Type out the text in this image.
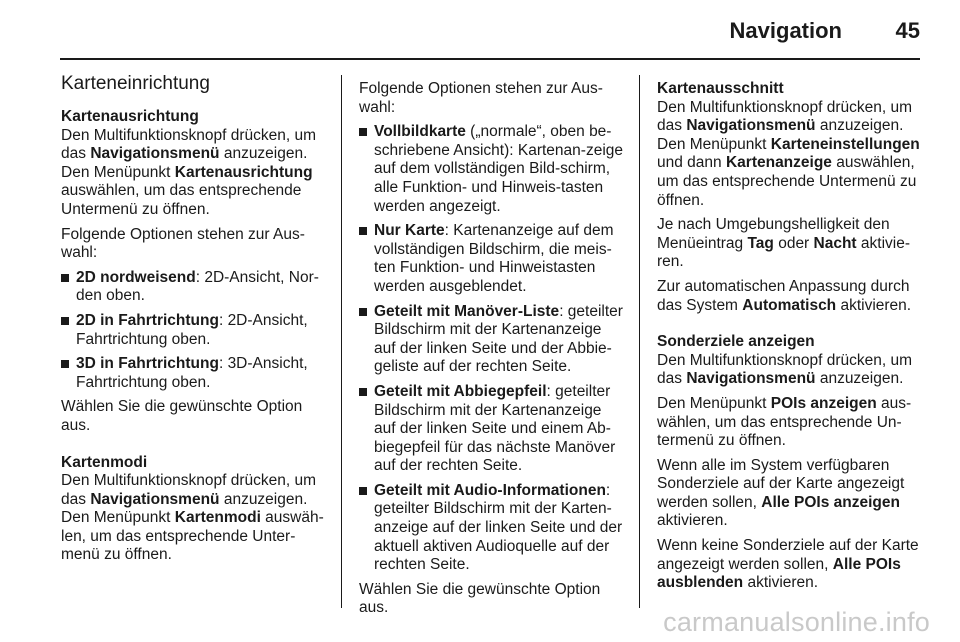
Navigation 45
Karteneinrichtung
Kartenausrichtung

Den Multifunktionsknopf drücken, um das Navigationsmenü anzuzeigen. Den Menüpunkt Kartenausrichtung auswählen, um das entsprechende Untermenü zu öffnen.

Folgende Optionen stehen zur Aus-wahl:

2D nordweisend: 2D-Ansicht, Nor-den oben.
2D in Fahrtrichtung: 2D-Ansicht, Fahrtrichtung oben.
3D in Fahrtrichtung: 3D-Ansicht, Fahrtrichtung oben.

Wählen Sie die gewünschte Option aus.

Kartenmodi

Den Multifunktionsknopf drücken, um das Navigationsmenü anzuzeigen. Den Menüpunkt Kartenmodi auswäh-len, um das entsprechende Unter-menü zu öffnen.

Folgende Optionen stehen zur Aus-wahl:

Vollbildkarte („normale“, oben be-schriebene Ansicht): Kartenan-zeige auf dem vollständigen Bild-schirm, alle Funktion- und Hinweis-tasten werden angezeigt.
Nur Karte: Kartenanzeige auf dem vollständigen Bildschirm, die meis-ten Funktion- und Hinweistasten werden ausgeblendet.
Geteilt mit Manöver-Liste: geteilter Bildschirm mit der Kartenanzeige auf der linken Seite und der Abbie-geliste auf der rechten Seite.
Geteilt mit Abbiegepfeil: geteilter Bildschirm mit der Kartenanzeige auf der linken Seite und einem Ab-biegepfeil für das nächste Manöver auf der rechten Seite.
Geteilt mit Audio-Informationen: geteilter Bildschirm mit der Karten-anzeige auf der linken Seite und der aktuell aktiven Audioquelle auf der rechten Seite.

Wählen Sie die gewünschte Option aus.

Kartenausschnitt

Den Multifunktionsknopf drücken, um das Navigationsmenü anzuzeigen. Den Menüpunkt Karteneinstellungen und dann Kartenanzeige auswählen, um das entsprechende Untermenü zu öffnen.

Je nach Umgebungshelligkeit den Menüeintrag Tag oder Nacht aktivie-ren.

Zur automatischen Anpassung durch das System Automatisch aktivieren.

Sonderziele anzeigen

Den Multifunktionsknopf drücken, um das Navigationsmenü anzuzeigen.

Den Menüpunkt POIs anzeigen aus-wählen, um das entsprechende Un-termenü zu öffnen.

Wenn alle im System verfügbaren Sonderziele auf der Karte angezeigt werden sollen, Alle POIs anzeigen aktivieren.

Wenn keine Sonderziele auf der Karte angezeigt werden sollen, Alle POIs ausblenden aktivieren.

carmanualsonline.info
